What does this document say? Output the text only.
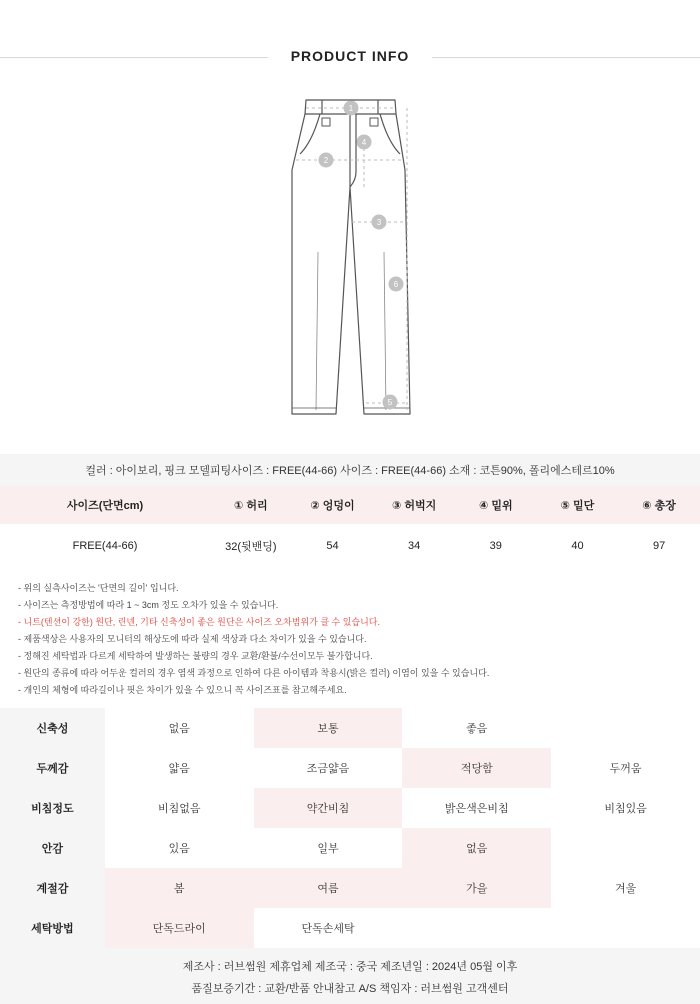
PRODUCT INFO
1
2
3
4
5
6
컬러 : 아이보리, 핑크 모델피팅사이즈 : FREE(44-66) 사이즈 : FREE(44-66) 소재 : 코튼90%, 폴리에스테르10%
사이즈(단면cm)	① 허리	② 엉덩이	③ 허벅지	④ 밑위	⑤ 밑단	⑥ 총장
FREE(44-66)	32(뒷밴딩)	54	34	39	40	97
- 위의 실측사이즈는 '단면의 길이' 입니다.
- 사이즈는 측정방법에 따라 1 ~ 3cm 정도 오차가 있을 수 있습니다.
- 니트(텐션이 강한) 원단, 린넨, 기타 신축성이 좋은 원단은 사이즈 오차범위가 클 수 있습니다.
- 제품색상은 사용자의 모니터의 해상도에 따라 실제 색상과 다소 차이가 있을 수 있습니다.
- 정해진 세탁법과 다르게 세탁하여 발생하는 불량의 경우 교환/환불/수선이모두 불가합니다.
- 원단의 종류에 따라 어두운 컬러의 경우 염색 과정으로 인하여 다른 아이템과 착용시(밝은 컬러) 이염이 있을 수 있습니다.
- 개인의 체형에 따라길이나 핏은 차이가 있을 수 있으니 꼭 사이즈표를 참고해주세요.
신축성	없음	보통	좋음
두께감	얇음	조금얇음	적당함	두꺼움
비침정도	비침없음	약간비침	밝은색은비침	비침있음
안감	있음	일부	없음
계절감	봄	여름	가을	겨울
세탁방법	단독드라이	단독손세탁
제조사 : 러브썸원 제휴업체 제조국 : 중국 제조년일 : 2024년 05월 이후
품질보증기간 : 교환/반품 안내참고 A/S 책임자 : 러브썸원 고객센터
